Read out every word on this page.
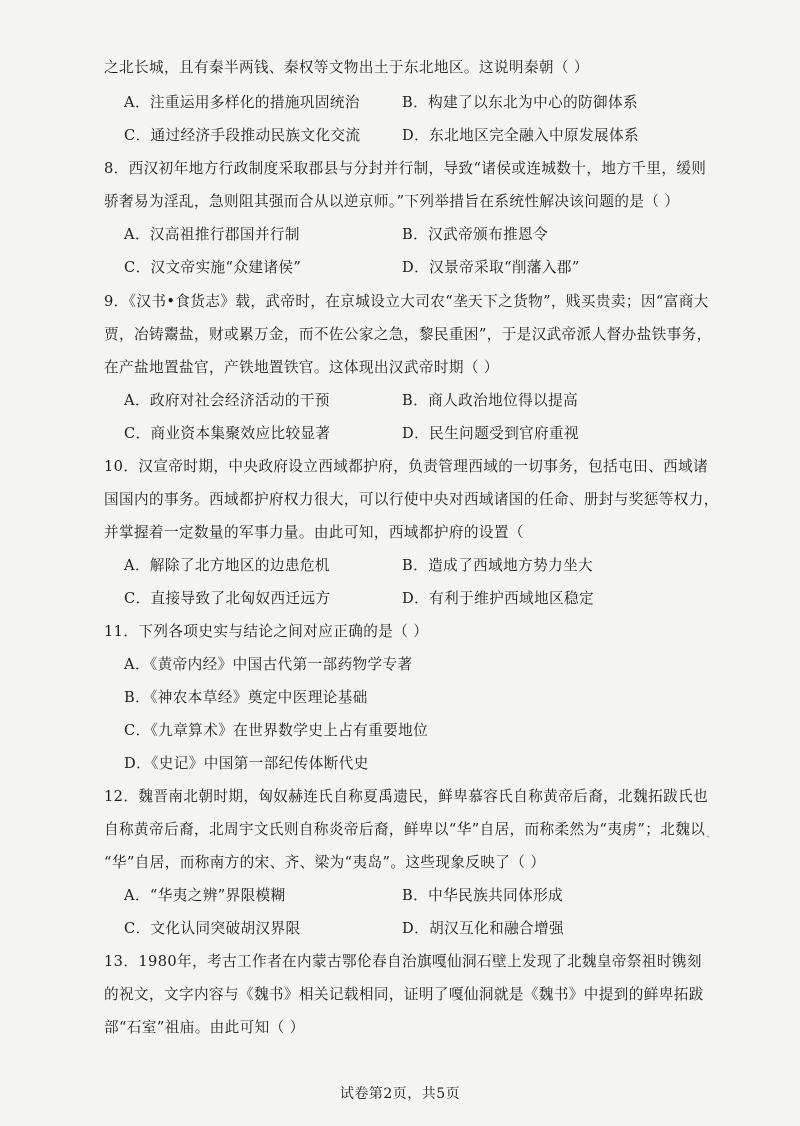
之北长城，且有秦半两钱、秦权等文物出土于东北地区。这说明秦朝（ ）
A．注重运用多样化的措施巩固统治	B．构建了以东北为中心的防御体系
C．通过经济手段推动民族文化交流	D．东北地区完全融入中原发展体系
8．西汉初年地方行政制度采取郡县与分封并行制，导致“诸侯或连城数十，地方千里，缓则
骄奢易为淫乱，急则阻其强而合从以逆京师。”下列举措旨在系统性解决该问题的是（ ）
A．汉高祖推行郡国并行制	B．汉武帝颁布推恩令
C．汉文帝实施“众建诸侯”	D．汉景帝采取“削藩入郡”
9．《汉书•食货志》载，武帝时，在京城设立大司农“垄天下之货物”，贱买贵卖；因“富商大
贾，冶铸鬻盐，财或累万金，而不佐公家之急，黎民重困”，于是汉武帝派人督办盐铁事务，
在产盐地置盐官，产铁地置铁官。这体现出汉武帝时期（ ）
A．政府对社会经济活动的干预	B．商人政治地位得以提高
C．商业资本集聚效应比较显著	D．民生问题受到官府重视
10．汉宣帝时期，中央政府设立西域都护府，负责管理西域的一切事务，包括屯田、西域诸
国国内的事务。西域都护府权力很大，可以行使中央对西域诸国的任命、册封与奖惩等权力，
并掌握着一定数量的军事力量。由此可知，西域都护府的设置（
A．解除了北方地区的边患危机	B．造成了西域地方势力坐大
C．直接导致了北匈奴西迁远方	D．有利于维护西域地区稳定
11．下列各项史实与结论之间对应正确的是（ ）
A．《黄帝内经》中国古代第一部药物学专著
B．《神农本草经》奠定中医理论基础
C．《九章算术》在世界数学史上占有重要地位
D．《史记》中国第一部纪传体断代史
12．魏晋南北朝时期，匈奴赫连氏自称夏禹遗民，鲜卑慕容氏自称黄帝后裔，北魏拓跋氏也
自称黄帝后裔，北周宇文氏则自称炎帝后裔，鲜卑以“华”自居，而称柔然为“夷虏”；北魏以 ˎ
“华”自居，而称南方的宋、齐、梁为“夷岛”。这些现象反映了（ ）
A．“华夷之辨”界限模糊	B．中华民族共同体形成
C．文化认同突破胡汉界限	D．胡汉互化和融合增强
13．1980年，考古工作者在内蒙古鄂伦春自治旗嘎仙洞石壁上发现了北魏皇帝祭祖时镌刻
的祝文，文字内容与《魏书》相关记载相同，证明了嘎仙洞就是《魏书》中提到的鲜卑拓跋
部“石室”祖庙。由此可知（ ）
试卷第2页，共5页
